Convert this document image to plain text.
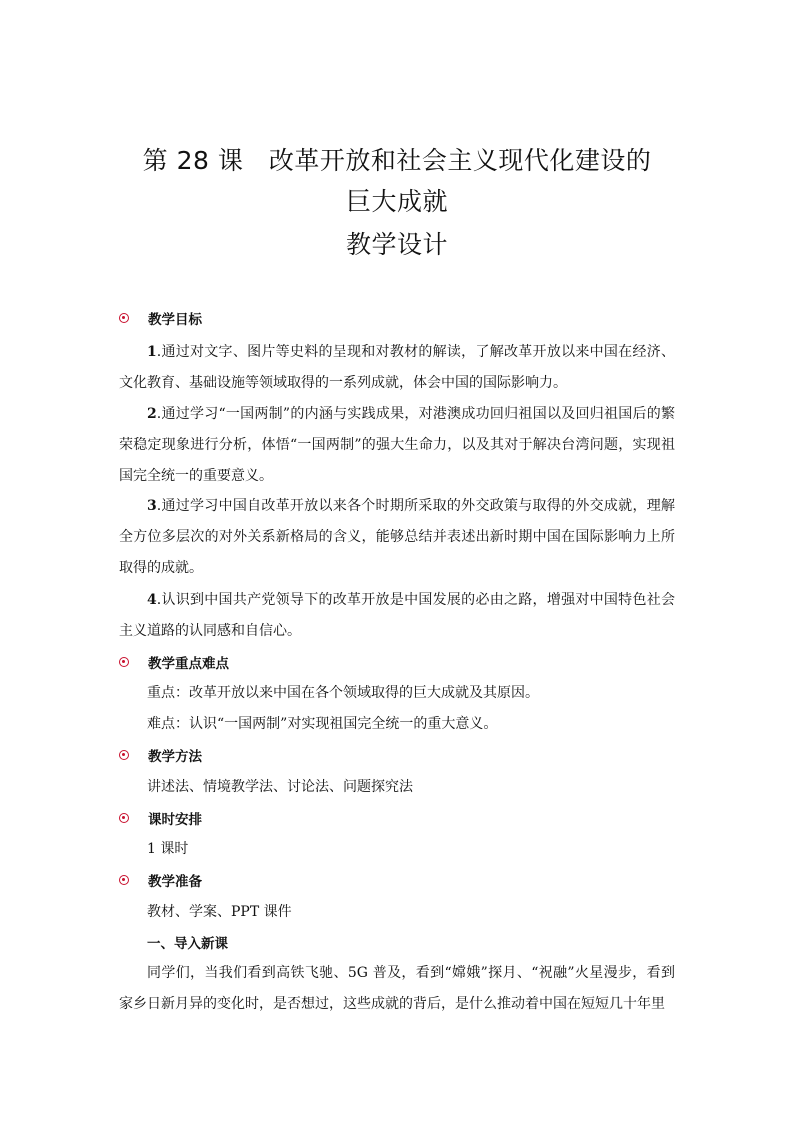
第 28 课　改革开放和社会主义现代化建设的
巨大成就
教学设计
教学目标
1.通过对文字、图片等史料的呈现和对教材的解读，了解改革开放以来中国在经济、文化教育、基础设施等领域取得的一系列成就，体会中国的国际影响力。
2.通过学习“一国两制”的内涵与实践成果，对港澳成功回归祖国以及回归祖国后的繁荣稳定现象进行分析，体悟“一国两制”的强大生命力，以及其对于解决台湾问题，实现祖国完全统一的重要意义。
3.通过学习中国自改革开放以来各个时期所采取的外交政策与取得的外交成就，理解全方位多层次的对外关系新格局的含义，能够总结并表述出新时期中国在国际影响力上所取得的成就。
4.认识到中国共产党领导下的改革开放是中国发展的必由之路，增强对中国特色社会主义道路的认同感和自信心。
教学重点难点
重点：改革开放以来中国在各个领域取得的巨大成就及其原因。
难点：认识“一国两制”对实现祖国完全统一的重大意义。
教学方法
讲述法、情境教学法、讨论法、问题探究法
课时安排
1 课时
教学准备
教材、学案、PPT 课件
一、导入新课
同学们，当我们看到高铁飞驰、5G 普及，看到“嫦娥”探月、“祝融”火星漫步，看到家乡日新月异的变化时，是否想过，这些成就的背后，是什么推动着中国在短短几十年里
